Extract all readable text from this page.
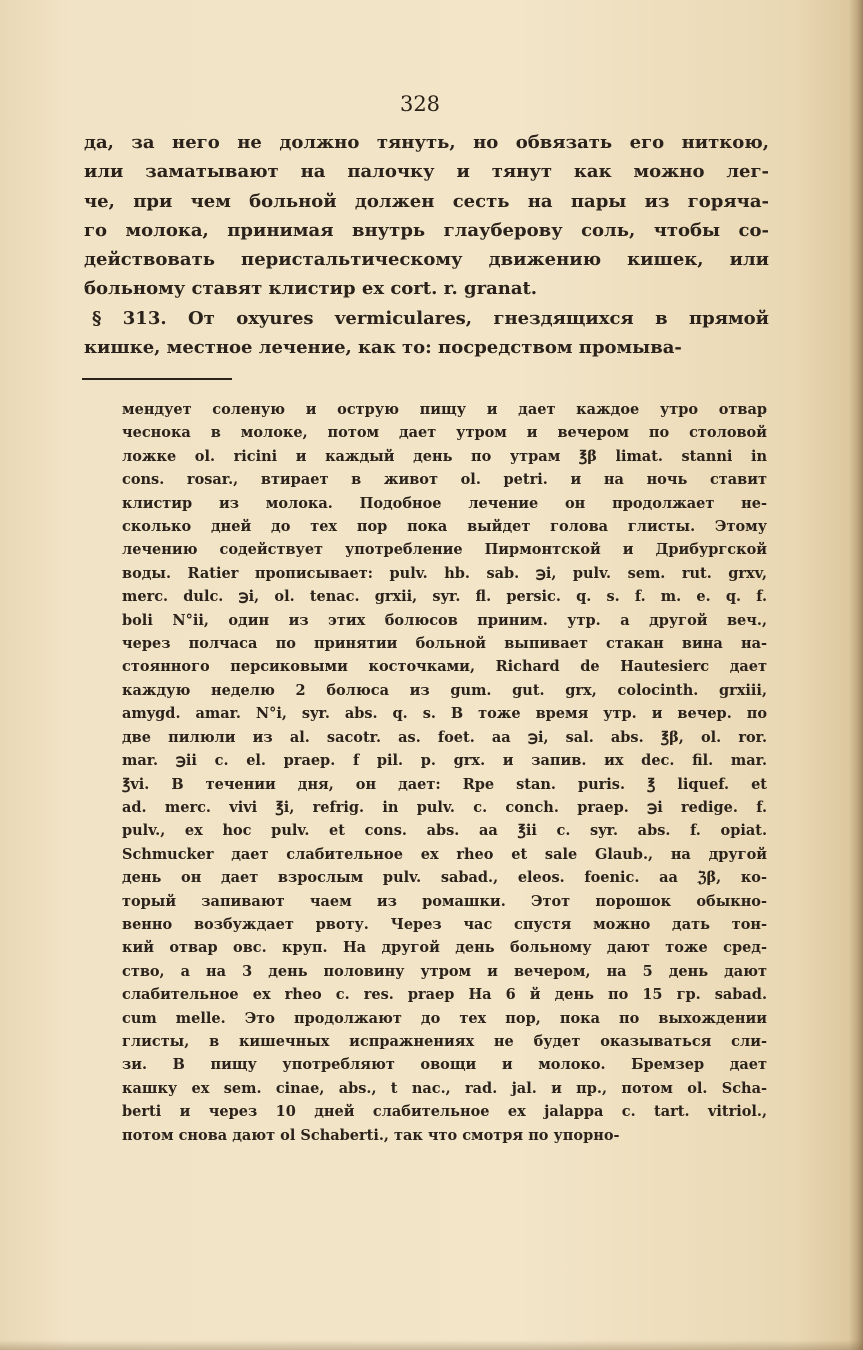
328
да, за него не должно тянуть, но обвязать его ниткою,
или заматывают на палочку и тянут как можно лег-
че, при чем больной должен сесть на пары из горяча-
го молока, принимая внутрь глауберову соль, чтобы со-
действовать перистальтическому движению кишек, или
больному ставят клистир ex cort. r. granat.
§ 313. От oxyures vermiculares, гнездящихся в прямой
кишке, местное лечение, как то: посредством промыва-
мендует соленую и острую пищу и дает каждое утро отвар
чеснока в молоке, потом дает утром и вечером по столовой
ложке ol. ricini и каждый день по утрам ℥β limat. stanni in
cons. rosar., втирает в живот ol. petri. и на ночь ставит
клистир из молока. Подобное лечение он продолжает не-
сколько дней до тех пор пока выйдет голова глисты. Этому
лечению содействует употребление Пирмонтской и Дрибургской
воды. Ratier прописывает: pulv. hb. sab. ℈i, pulv. sem. rut. grxv,
merc. dulc. ℈i, ol. tenac. grxii, syr. fl. persic. q. s. f. m. e. q. f.
boli N°ii, один из этих болюсов приним. утр. а другой веч.,
через полчаса по принятии больной выпивает стакан вина на-
стоянного персиковыми косточками, Richard de Hautesierc дает
каждую неделю 2 болюса из gum. gut. grx, colocinth. grxiii,
amygd. amar. N°i, syr. abs. q. s. В тоже время утр. и вечер. по
две пилюли из al. sacotr. as. foet. aa ℈i, sal. abs. ℥β, ol. ror.
mar. ℈ii c. el. praep. f pil. p. grx. и запив. их dec. fil. mar.
℥vi. В течении дня, он дает: Rpe stan. puris. ℥ liquef. et
ad. merc. vivi ℥i, refrig. in pulv. c. conch. praep. ℈i redige. f.
pulv., ex hoc pulv. et cons. abs. aa ℥ii c. syr. abs. f. opiat.
Schmucker дает слабительное ex rheo et sale Glaub., на другой
день он дает взрослым pulv. sabad., eleos. foenic. aa ℨβ, ко-
торый запивают чаем из ромашки. Этот порошок обыкно-
венно возбуждает рвоту. Через час спустя можно дать тон-
кий отвар овс. круп. На другой день больному дают тоже сред-
ство, а на 3 день половину утром и вечером, на 5 день дают
слабительное ex rheo c. res. praep На 6 й день по 15 гр. sabad.
cum melle. Это продолжают до тех пор, пока по выхождении
глисты, в кишечных испражнениях не будет оказываться сли-
зи. В пищу употребляют овощи и молоко. Бремзер дает
кашку ex sem. cinae, abs., t nac., rad. jal. и пр., потом ol. Scha-
berti и через 10 дней слабительное ex jalappa c. tart. vitriol.,
потом снова дают ol Schaberti., так что смотря по упорно-
